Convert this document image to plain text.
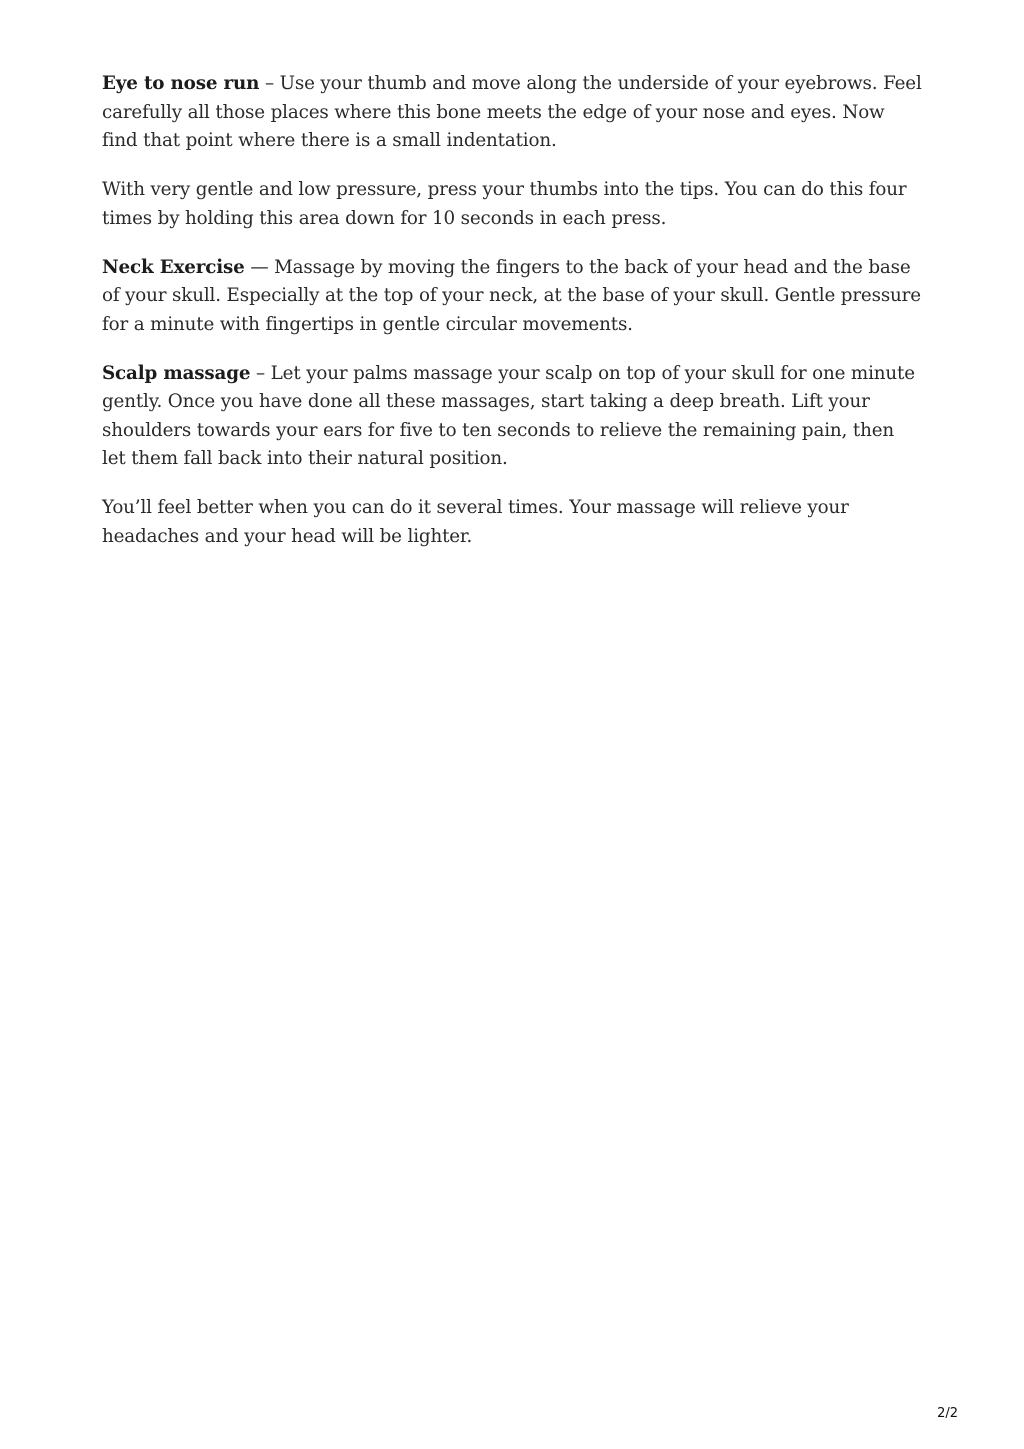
Eye to nose run – Use your thumb and move along the underside of your eyebrows. Feel carefully all those places where this bone meets the edge of your nose and eyes. Now find that point where there is a small indentation.

With very gentle and low pressure, press your thumbs into the tips. You can do this four times by holding this area down for 10 seconds in each press.

Neck Exercise — Massage by moving the fingers to the back of your head and the base of your skull. Especially at the top of your neck, at the base of your skull. Gentle pressure for a minute with fingertips in gentle circular movements.

Scalp massage – Let your palms massage your scalp on top of your skull for one minute gently. Once you have done all these massages, start taking a deep breath. Lift your shoulders towards your ears for five to ten seconds to relieve the remaining pain, then let them fall back into their natural position.

You’ll feel better when you can do it several times. Your massage will relieve your headaches and your head will be lighter.

2/2
